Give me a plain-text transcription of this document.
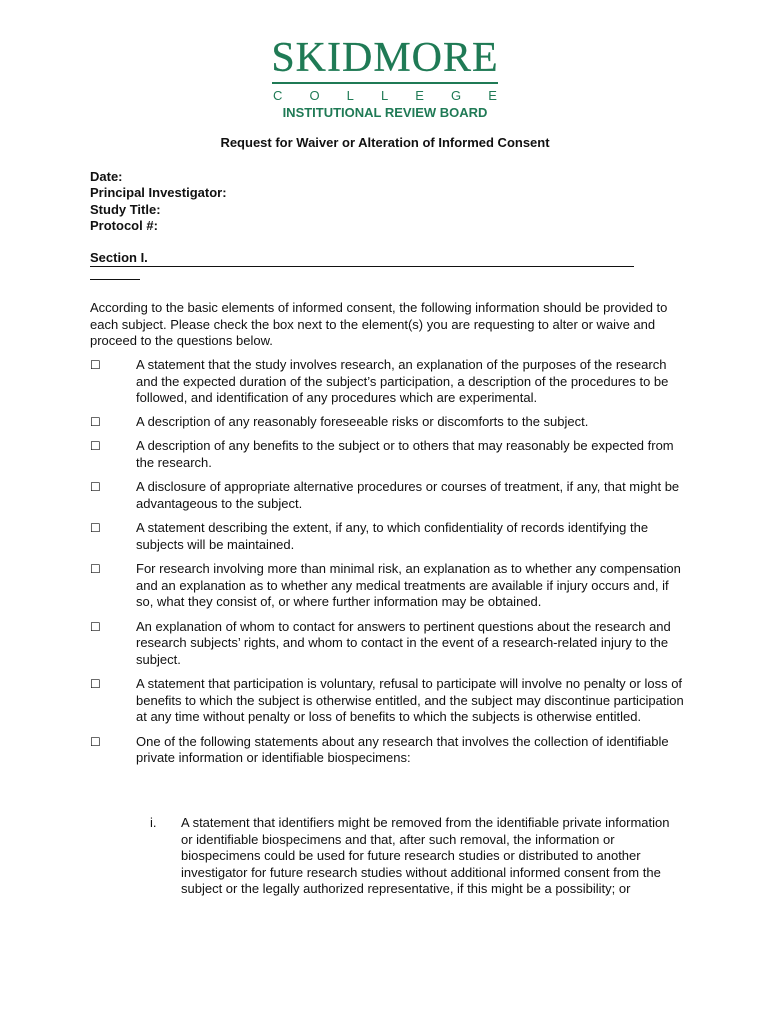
SKIDMORE
C O L L E G E
INSTITUTIONAL REVIEW BOARD
Request for Waiver or Alteration of Informed Consent
Date:
Principal Investigator:
Study Title:
Protocol #:
Section I.
According to the basic elements of informed consent, the following information should be provided to each subject. Please check the box next to the element(s) you are requesting to alter or waive and proceed to the questions below.
☐	A statement that the study involves research, an explanation of the purposes of the research and the expected duration of the subject’s participation, a description of the procedures to be followed, and identification of any procedures which are experimental.
☐	A description of any reasonably foreseeable risks or discomforts to the subject.
☐	A description of any benefits to the subject or to others that may reasonably be expected from the research.
☐	A disclosure of appropriate alternative procedures or courses of treatment, if any, that might be advantageous to the subject.
☐	A statement describing the extent, if any, to which confidentiality of records identifying the subjects will be maintained.
☐	For research involving more than minimal risk, an explanation as to whether any compensation and an explanation as to whether any medical treatments are available if injury occurs and, if so, what they consist of, or where further information may be obtained.
☐	An explanation of whom to contact for answers to pertinent questions about the research and research subjects’ rights, and whom to contact in the event of a research-related injury to the subject.
☐	A statement that participation is voluntary, refusal to participate will involve no penalty or loss of benefits to which the subject is otherwise entitled, and the subject may discontinue participation at any time without penalty or loss of benefits to which the subjects is otherwise entitled.
☐	One of the following statements about any research that involves the collection of identifiable private information or identifiable biospecimens:
i. A statement that identifiers might be removed from the identifiable private information or identifiable biospecimens and that, after such removal, the information or biospecimens could be used for future research studies or distributed to another investigator for future research studies without additional informed consent from the subject or the legally authorized representative, if this might be a possibility; or
